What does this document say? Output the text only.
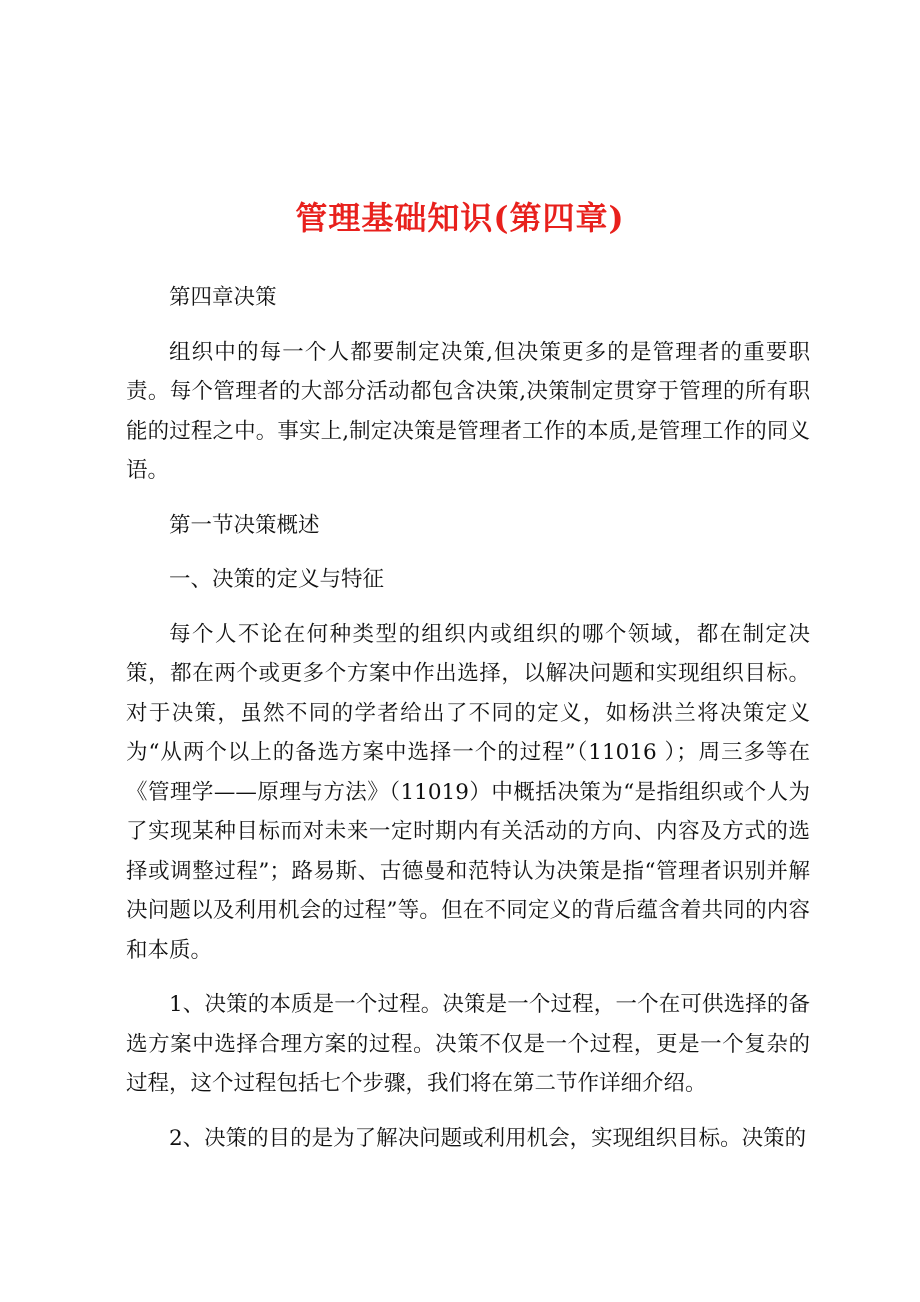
管理基础知识(第四章)

第四章决策

组织中的每一个人都要制定决策,但决策更多的是管理者的重要职责。每个管理者的大部分活动都包含决策,决策制定贯穿于管理的所有职能的过程之中。事实上,制定决策是管理者工作的本质,是管理工作的同义语。

第一节决策概述

一、决策的定义与特征

每个人不论在何种类型的组织内或组织的哪个领域，都在制定决策，都在两个或更多个方案中作出选择，以解决问题和实现组织目标。对于决策，虽然不同的学者给出了不同的定义，如杨洪兰将决策定义为“从两个以上的备选方案中选择一个的过程”（11016 ）；周三多等在《管理学——原理与方法》（11019）中概括决策为“是指组织或个人为了实现某种目标而对未来一定时期内有关活动的方向、内容及方式的选择或调整过程”；路易斯、古德曼和范特认为决策是指“管理者识别并解决问题以及利用机会的过程”等。但在不同定义的背后蕴含着共同的内容和本质。

1、决策的本质是一个过程。决策是一个过程，一个在可供选择的备选方案中选择合理方案的过程。决策不仅是一个过程，更是一个复杂的过程，这个过程包括七个步骤，我们将在第二节作详细介绍。

2、决策的目的是为了解决问题或利用机会，实现组织目标。决策的
